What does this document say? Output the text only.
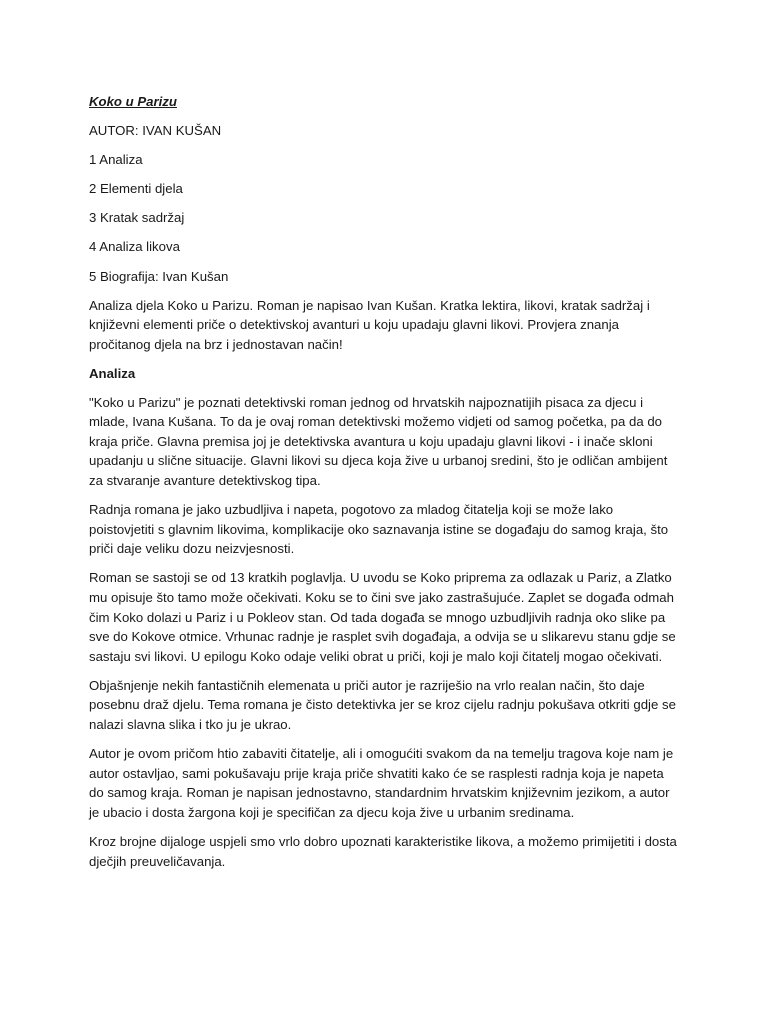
Koko u Parizu
AUTOR: IVAN KUŠAN
1 Analiza
2 Elementi djela
3 Kratak sadržaj
4 Analiza likova
5 Biografija: Ivan Kušan
Analiza djela Koko u Parizu. Roman je napisao Ivan Kušan. Kratka lektira, likovi, kratak sadržaj i književni elementi priče o detektivskoj avanturi u koju upadaju glavni likovi. Provjera znanja pročitanog djela na brz i jednostavan način!
Analiza
"Koko u Parizu" je poznati detektivski roman jednog od hrvatskih najpoznatijih pisaca za djecu i mlade, Ivana Kušana. To da je ovaj roman detektivski možemo vidjeti od samog početka, pa da do kraja priče. Glavna premisa joj je detektivska avantura u koju upadaju glavni likovi - i inače skloni upadanju u slične situacije. Glavni likovi su djeca koja žive u urbanoj sredini, što je odličan ambijent za stvaranje avanture detektivskog tipa.
Radnja romana je jako uzbudljiva i napeta, pogotovo za mladog čitatelja koji se može lako poistovjetiti s glavnim likovima, komplikacije oko saznavanja istine se događaju do samog kraja, što priči daje veliku dozu neizvjesnosti.
Roman se sastoji se od 13 kratkih poglavlja. U uvodu se Koko priprema za odlazak u Pariz, a Zlatko mu opisuje što tamo može očekivati. Koku se to čini sve jako zastrašujuće. Zaplet se događa odmah čim Koko dolazi u Pariz i u Pokleov stan. Od tada događa se mnogo uzbudljivih radnja oko slike pa sve do Kokove otmice. Vrhunac radnje je rasplet svih događaja, a odvija se u slikarevu stanu gdje se sastaju svi likovi. U epilogu Koko odaje veliki obrat u priči, koji je malo koji čitatelj mogao očekivati.
Objašnjenje nekih fantastičnih elemenata u priči autor je razriješio na vrlo realan način, što daje posebnu draž djelu. Tema romana je čisto detektivka jer se kroz cijelu radnju pokušava otkriti gdje se nalazi slavna slika i tko ju je ukrao.
Autor je ovom pričom htio zabaviti čitatelje, ali i omogućiti svakom da na temelju tragova koje nam je autor ostavljao, sami pokušavaju prije kraja priče shvatiti kako će se rasplesti radnja koja je napeta do samog kraja. Roman je napisan jednostavno, standardnim hrvatskim književnim jezikom, a autor je ubacio i dosta žargona koji je specifičan za djecu koja žive u urbanim sredinama.
Kroz brojne dijaloge uspjeli smo vrlo dobro upoznati karakteristike likova, a možemo primijetiti i dosta dječjih preuveličavanja.
